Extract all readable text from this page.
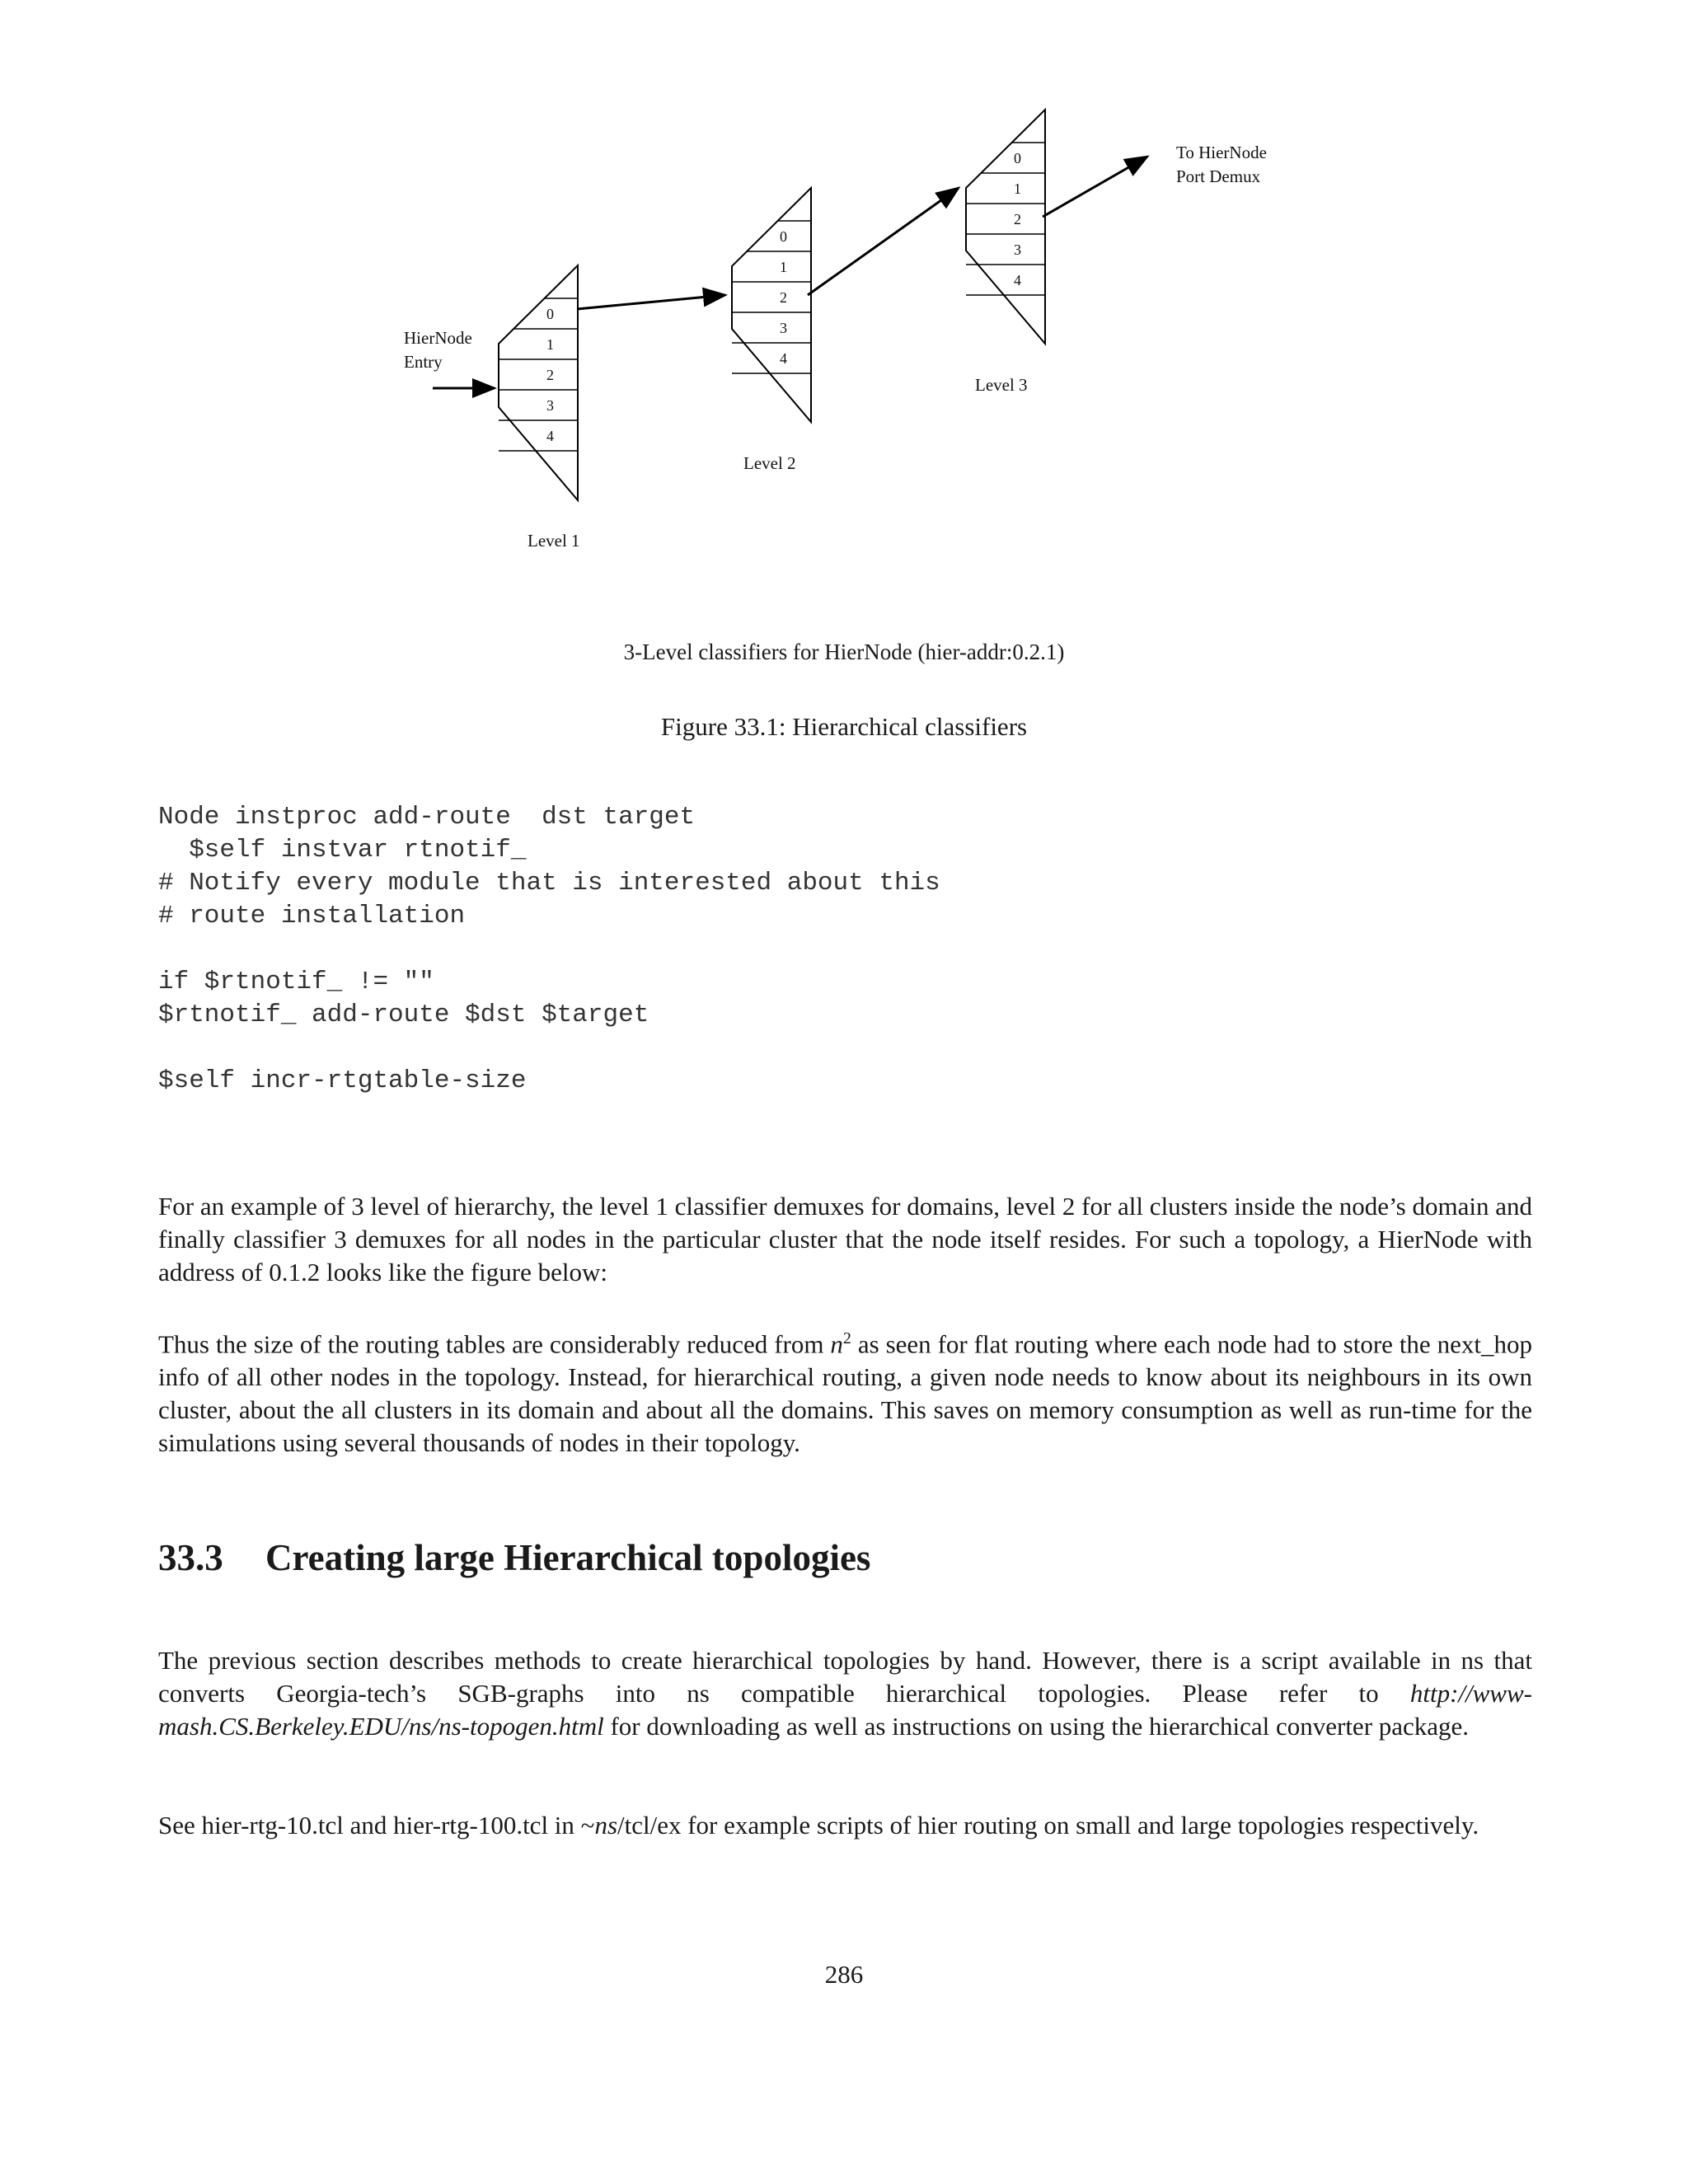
0
1
2
3
4
0
1
2
3
4
0
1
2
3
4
HierNode
Entry
To HierNode
Port Demux
Level 1
Level 2
Level 3
3-Level classifiers for HierNode (hier-addr:0.2.1)
Figure 33.1: Hierarchical classifiers
Node instproc add-route  dst target
$self instvar rtnotif_
# Notify every module that is interested about this
# route installation

if $rtnotif_ != ""
$rtnotif_ add-route $dst $target

$self incr-rtgtable-size

For an example of 3 level of hierarchy, the level 1 classifier demuxes for domains, level 2 for all clusters inside the node’s domain and finally classifier 3 demuxes for all nodes in the particular cluster that the node itself resides. For such a topology, a HierNode with address of 0.1.2 looks like the figure below:

Thus the size of the routing tables are considerably reduced from $n^2$ as seen for flat routing where each node had to store the next_hop info of all other nodes in the topology. Instead, for hierarchical routing, a given node needs to know about its neighbours in its own cluster, about the all clusters in its domain and about all the domains. This saves on memory consumption as well as run-time for the simulations using several thousands of nodes in their topology.

33.3 Creating large Hierarchical topologies

The previous section describes methods to create hierarchical topologies by hand. However, there is a script available in ns that converts Georgia-tech’s SGB-graphs into ns compatible hierarchical topologies. Please refer to http://www-mash.CS.Berkeley.EDU/ns/ns-topogen.html for downloading as well as instructions on using the hierarchical converter package.

See hier-rtg-10.tcl and hier-rtg-100.tcl in ~ns/tcl/ex for example scripts of hier routing on small and large topologies respectively.

286
